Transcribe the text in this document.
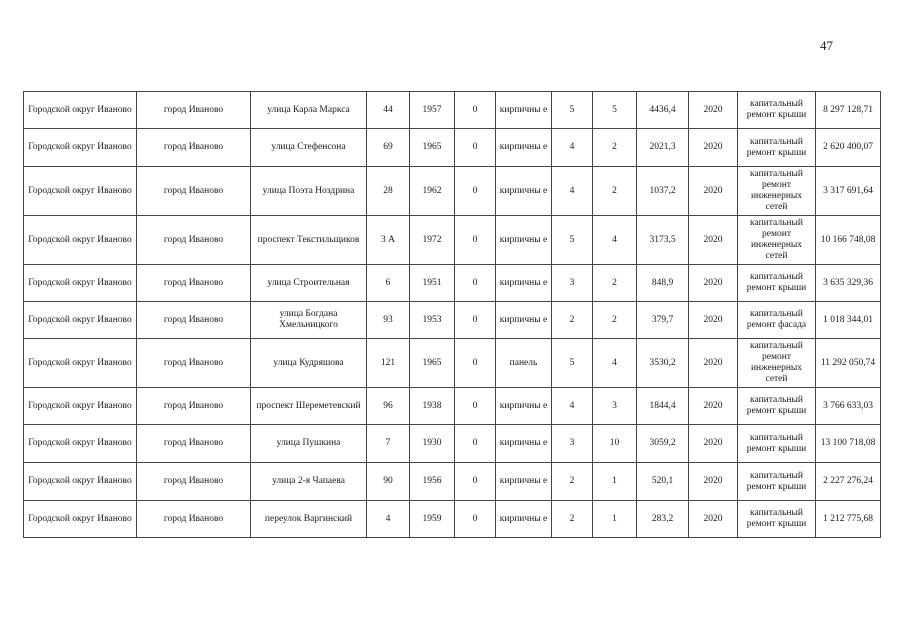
47
Городской округ Иваново	город Иваново	улица Карла Маркса	44	1957	0	кирпичны е	5	5	4436,4	2020	капитальный ремонт крыши	8 297 128,71
Городской округ Иваново	город Иваново	улица Стефенсона	69	1965	0	кирпичны е	4	2	2021,3	2020	капитальный ремонт крыши	2 620 400,07
Городской округ Иваново	город Иваново	улица Поэта Ноздрина	28	1962	0	кирпичны е	4	2	1037,2	2020	капитальный ремонт инженерных сетей	3 317 691,64
Городской округ Иваново	город Иваново	проспект Текстильщиков	3 А	1972	0	кирпичны е	5	4	3173,5	2020	капитальный ремонт инженерных сетей	10 166 748,08
Городской округ Иваново	город Иваново	улица Строительная	6	1951	0	кирпичны е	3	2	848,9	2020	капитальный ремонт крыши	3 635 329,36
Городской округ Иваново	город Иваново	улица Богдана Хмельницкого	93	1953	0	кирпичны е	2	2	379,7	2020	капитальный ремонт фасада	1 018 344,01
Городской округ Иваново	город Иваново	улица Кудряшова	121	1965	0	панель	5	4	3530,2	2020	капитальный ремонт инженерных сетей	11 292 050,74
Городской округ Иваново	город Иваново	проспект Шереметевский	96	1938	0	кирпичны е	4	3	1844,4	2020	капитальный ремонт крыши	3 766 633,03
Городской округ Иваново	город Иваново	улица Пушкина	7	1930	0	кирпичны е	3	10	3059,2	2020	капитальный ремонт крыши	13 100 718,08
Городской округ Иваново	город Иваново	улица 2-я Чапаева	90	1956	0	кирпичны е	2	1	520,1	2020	капитальный ремонт крыши	2 227 276,24
Городской округ Иваново	город Иваново	переулок Варгинский	4	1959	0	кирпичны е	2	1	283,2	2020	капитальный ремонт крыши	1 212 775,68
